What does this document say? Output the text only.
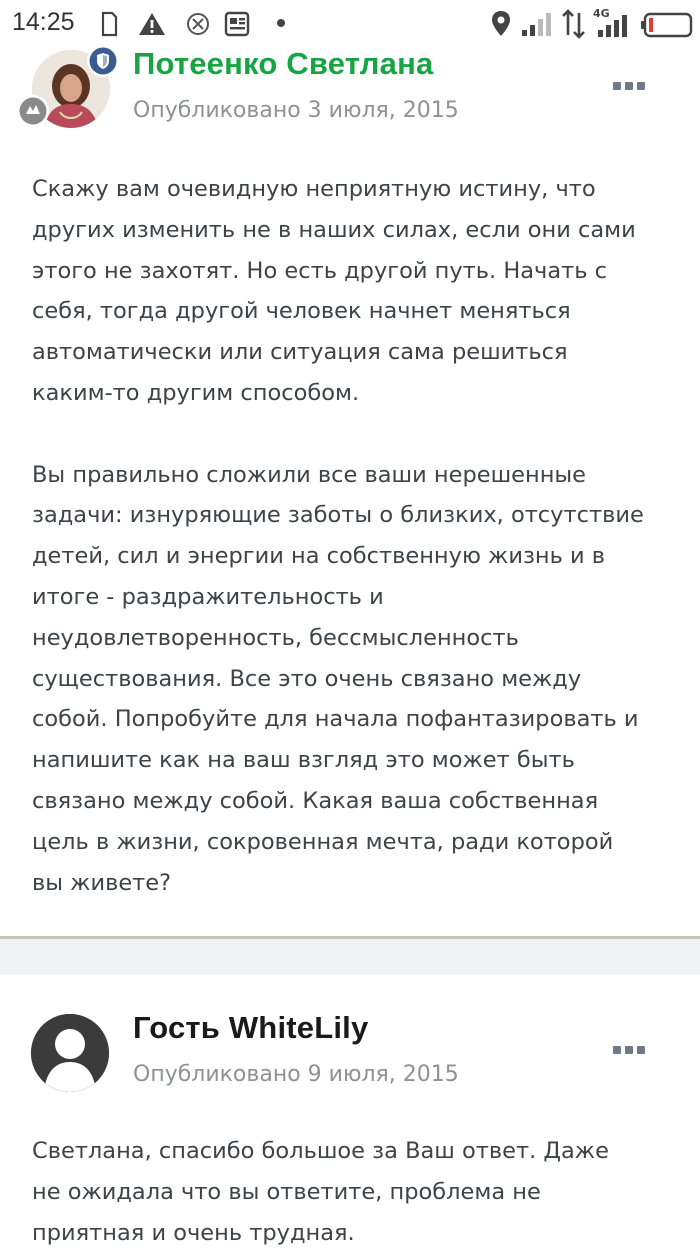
14:25	4G
Потеенко Светлана
Опубликовано 3 июля, 2015

Скажу вам очевидную неприятную истину, что
других изменить не в наших силах, если они сами
этого не захотят. Но есть другой путь. Начать с
себя, тогда другой человек начнет меняться
автоматически или ситуация сама решиться
каким-то другим способом.

Вы правильно сложили все ваши нерешенные
задачи: изнуряющие заботы о близких, отсутствие
детей, сил и энергии на собственную жизнь и в
итоге - раздражительность и
неудовлетворенность, бессмысленность
существования. Все это очень связано между
собой. Попробуйте для начала пофантазировать и
напишите как на ваш взгляд это может быть
связано между собой. Какая ваша собственная
цель в жизни, сокровенная мечта, ради которой
вы живете?

Гость WhiteLily
Опубликовано 9 июля, 2015

Светлана, спасибо большое за Ваш ответ. Даже
не ожидала что вы ответите, проблема не
приятная и очень трудная.
